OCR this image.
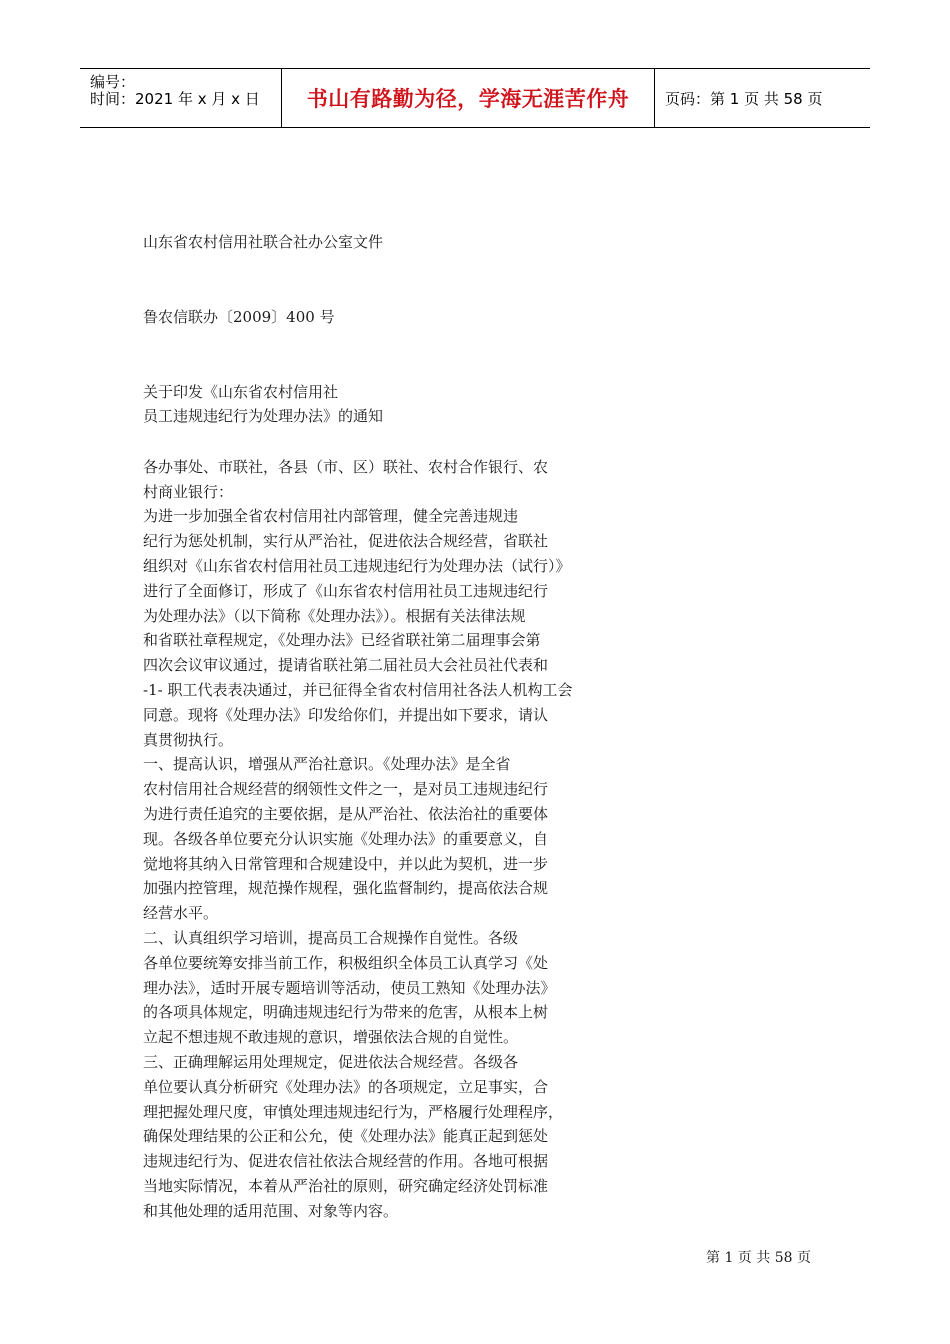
编号：
时间：2021 年 x 月 x 日 书山有路勤为径，学海无涯苦作舟 页码：第 1 页 共 58 页
山东省农村信用社联合社办公室文件
鲁农信联办〔2009〕400 号
关于印发《山东省农村信用社
员工违规违纪行为处理办法》的通知
各办事处、市联社，各县（市、区）联社、农村合作银行、农
村商业银行：
为进一步加强全省农村信用社内部管理，健全完善违规违
纪行为惩处机制，实行从严治社，促进依法合规经营，省联社
组织对《山东省农村信用社员工违规违纪行为处理办法（试行）》
进行了全面修订，形成了《山东省农村信用社员工违规违纪行
为处理办法》（以下简称《处理办法》）。根据有关法律法规
和省联社章程规定，《处理办法》已经省联社第二届理事会第
四次会议审议通过，提请省联社第二届社员大会社员社代表和
-1- 职工代表表决通过，并已征得全省农村信用社各法人机构工会
同意。现将《处理办法》印发给你们，并提出如下要求，请认
真贯彻执行。
一、提高认识，增强从严治社意识。《处理办法》是全省
农村信用社合规经营的纲领性文件之一，是对员工违规违纪行
为进行责任追究的主要依据，是从严治社、依法治社的重要体
现。各级各单位要充分认识实施《处理办法》的重要意义，自
觉地将其纳入日常管理和合规建设中，并以此为契机，进一步
加强内控管理，规范操作规程，强化监督制约，提高依法合规
经营水平。
二、认真组织学习培训，提高员工合规操作自觉性。各级
各单位要统筹安排当前工作，积极组织全体员工认真学习《处
理办法》，适时开展专题培训等活动，使员工熟知《处理办法》
的各项具体规定，明确违规违纪行为带来的危害，从根本上树
立起不想违规不敢违规的意识，增强依法合规的自觉性。
三、正确理解运用处理规定，促进依法合规经营。各级各
单位要认真分析研究《处理办法》的各项规定，立足事实，合
理把握处理尺度，审慎处理违规违纪行为，严格履行处理程序，
确保处理结果的公正和公允，使《处理办法》能真正起到惩处
违规违纪行为、促进农信社依法合规经营的作用。各地可根据
当地实际情况，本着从严治社的原则，研究确定经济处罚标准
和其他处理的适用范围、对象等内容。
第 1 页 共 58 页
